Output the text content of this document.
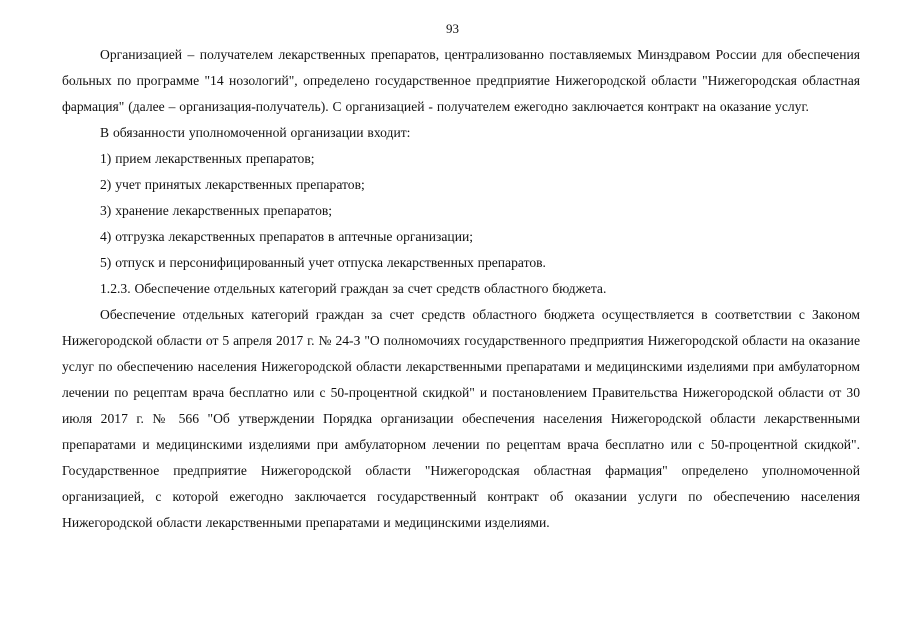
93

Организацией – получателем лекарственных препаратов, централизованно поставляемых Минздравом России для обеспечения больных по программе "14 нозологий", определено государственное предприятие Нижегородской области "Нижегородская областная фармация" (далее – организация-получатель). С организацией - получателем ежегодно заключается контракт на оказание услуг.

В обязанности уполномоченной организации входит:

1) прием лекарственных препаратов;

2) учет принятых лекарственных препаратов;

3) хранение лекарственных препаратов;

4) отгрузка лекарственных препаратов в аптечные организации;

5) отпуск и персонифицированный учет отпуска лекарственных препаратов.

1.2.3. Обеспечение отдельных категорий граждан за счет средств областного бюджета.

Обеспечение отдельных категорий граждан за счет средств областного бюджета осуществляется в соответствии с Законом Нижегородской области от 5 апреля 2017 г. № 24-З "О полномочиях государственного предприятия Нижегородской области на оказание услуг по обеспечению населения Нижегородской области лекарственными препаратами и медицинскими изделиями при амбулаторном лечении по рецептам врача бесплатно или с 50-процентной скидкой" и постановлением Правительства Нижегородской области от 30 июля 2017 г. № 566 "Об утверждении Порядка организации обеспечения населения Нижегородской области лекарственными препаратами и медицинскими изделиями при амбулаторном лечении по рецептам врача бесплатно или с 50-процентной скидкой". Государственное предприятие Нижегородской области "Нижегородская областная фармация" определено уполномоченной организацией, с которой ежегодно заключается государственный контракт об оказании услуги по обеспечению населения Нижегородской области лекарственными препаратами и медицинскими изделиями.
